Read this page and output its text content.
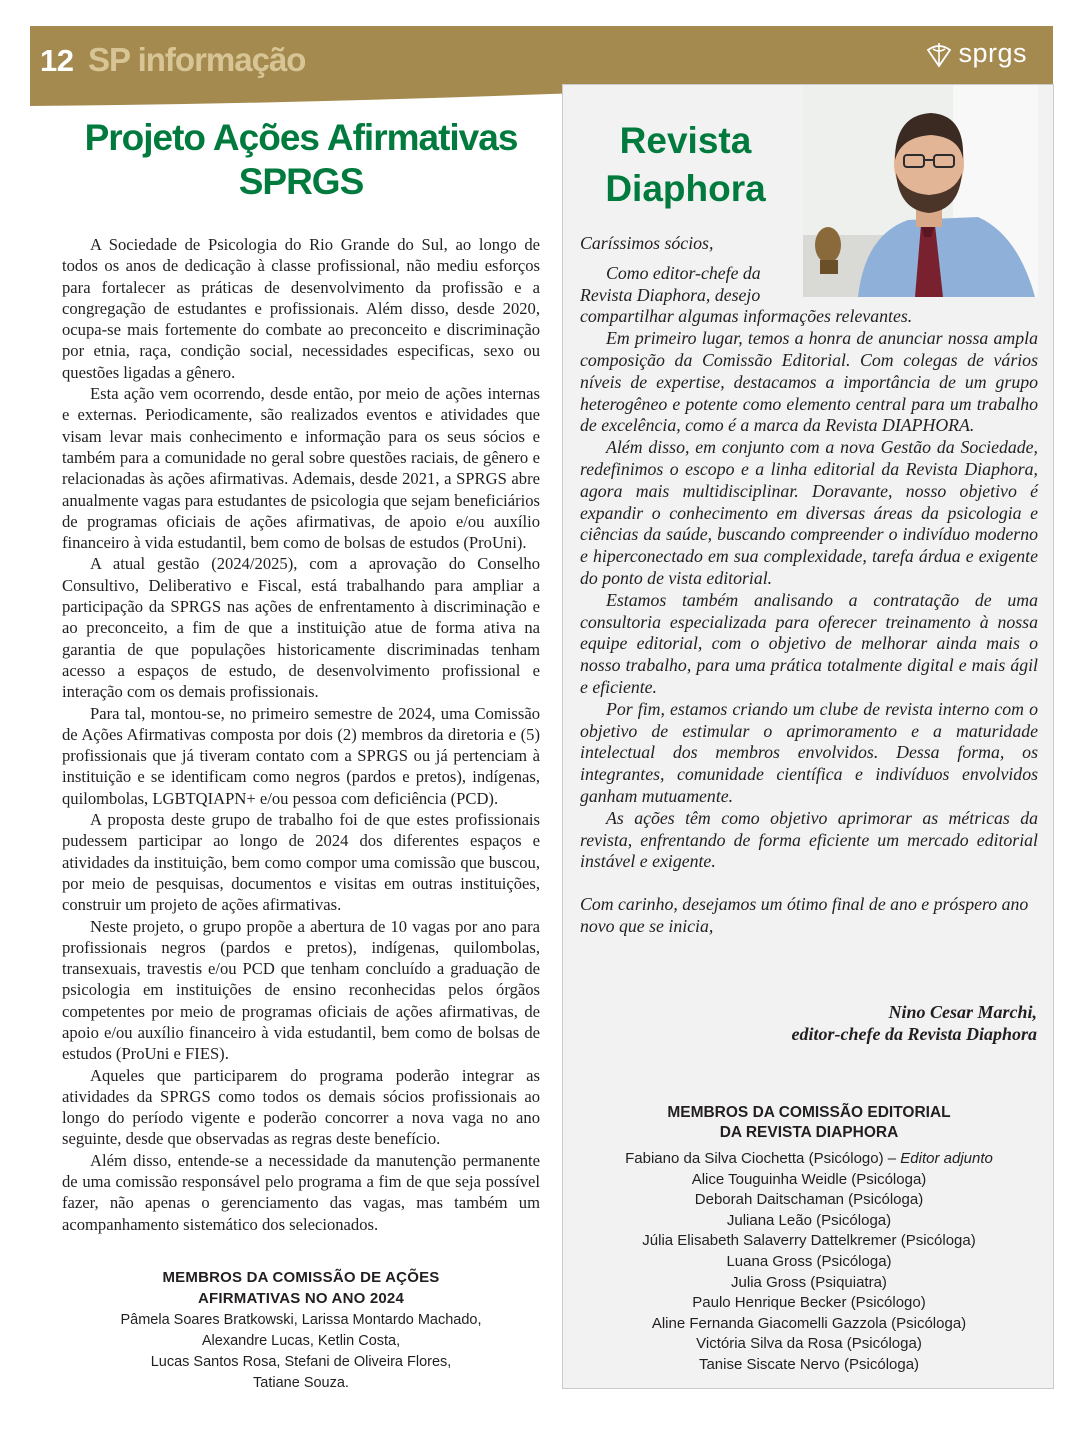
12 SP informação	sprgs
Projeto Ações Afirmativas SPRGS

A Sociedade de Psicologia do Rio Grande do Sul, ao longo de todos os anos de dedicação à classe profissional, não mediu esforços para fortalecer as práticas de desenvolvimento da profissão e a congregação de estudantes e profissionais. Além disso, desde 2020, ocupa-se mais fortemente do combate ao preconceito e discriminação por etnia, raça, condição social, necessidades especificas, sexo ou questões ligadas a gênero.

Esta ação vem ocorrendo, desde então, por meio de ações internas e externas. Periodicamente, são realizados eventos e atividades que visam levar mais conhecimento e informação para os seus sócios e também para a comunidade no geral sobre questões raciais, de gênero e relacionadas às ações afirmativas. Ademais, desde 2021, a SPRGS abre anualmente vagas para estudantes de psicologia que sejam beneficiários de programas oficiais de ações afirmativas, de apoio e/ou auxílio financeiro à vida estudantil, bem como de bolsas de estudos (ProUni).

A atual gestão (2024/2025), com a aprovação do Conselho Consultivo, Deliberativo e Fiscal, está trabalhando para ampliar a participação da SPRGS nas ações de enfrentamento à discriminação e ao preconceito, a fim de que a instituição atue de forma ativa na garantia de que populações historicamente discriminadas tenham acesso a espaços de estudo, de desenvolvimento profissional e interação com os demais profissionais.

Para tal, montou-se, no primeiro semestre de 2024, uma Comissão de Ações Afirmativas composta por dois (2) membros da diretoria e (5) profissionais que já tiveram contato com a SPRGS ou já pertenciam à instituição e se identificam como negros (pardos e pretos), indígenas, quilombolas, LGBTQIAPN+ e/ou pessoa com deficiência (PCD).

A proposta deste grupo de trabalho foi de que estes profissionais pudessem participar ao longo de 2024 dos diferentes espaços e atividades da instituição, bem como compor uma comissão que buscou, por meio de pesquisas, documentos e visitas em outras instituições, construir um projeto de ações afirmativas.

Neste projeto, o grupo propõe a abertura de 10 vagas por ano para profissionais negros (pardos e pretos), indígenas, quilombolas, transexuais, travestis e/ou PCD que tenham concluído a graduação de psicologia em instituições de ensino reconhecidas pelos órgãos competentes por meio de programas oficiais de ações afirmativas, de apoio e/ou auxílio financeiro à vida estudantil, bem como de bolsas de estudos (ProUni e FIES).

Aqueles que participarem do programa poderão integrar as atividades da SPRGS como todos os demais sócios profissionais ao longo do período vigente e poderão concorrer a nova vaga no ano seguinte, desde que observadas as regras deste benefício.

Além disso, entende-se a necessidade da manutenção permanente de uma comissão responsável pelo programa a fim de que seja possível fazer, não apenas o gerenciamento das vagas, mas também um acompanhamento sistemático dos selecionados.

MEMBROS DA COMISSÃO DE AÇÕES
AFIRMATIVAS NO ANO 2024
Pâmela Soares Bratkowski, Larissa Montardo Machado,
Alexandre Lucas, Ketlin Costa,
Lucas Santos Rosa, Stefani de Oliveira Flores,
Tatiane Souza.
Revista
Diaphora
Caríssimos sócios,
Como editor-chefe da
Revista Diaphora, desejo
compartilhar algumas informações relevantes.

Em primeiro lugar, temos a honra de anunciar nossa ampla composição da Comissão Editorial. Com colegas de vários níveis de expertise, destacamos a importância de um grupo heterogêneo e potente como elemento central para um trabalho de excelência, como é a marca da Revista DIAPHORA.

Além disso, em conjunto com a nova Gestão da Sociedade, redefinimos o escopo e a linha editorial da Revista Diaphora, agora mais multidisciplinar. Doravante, nosso objetivo é expandir o conhecimento em diversas áreas da psicologia e ciências da saúde, buscando compreender o indivíduo moderno e hiperconectado em sua complexidade, tarefa árdua e exigente do ponto de vista editorial.

Estamos também analisando a contratação de uma consultoria especializada para oferecer treinamento à nossa equipe editorial, com o objetivo de melhorar ainda mais o nosso trabalho, para uma prática totalmente digital e mais ágil e eficiente.

Por fim, estamos criando um clube de revista interno com o objetivo de estimular o aprimoramento e a maturidade intelectual dos membros envolvidos. Dessa forma, os integrantes, comunidade científica e indivíduos envolvidos ganham mutuamente.

As ações têm como objetivo aprimorar as métricas da revista, enfrentando de forma eficiente um mercado editorial instável e exigente.

Com carinho, desejamos um ótimo final de ano e próspero ano novo que se inicia,

Nino Cesar Marchi,
editor-chefe da Revista Diaphora
MEMBROS DA COMISSÃO EDITORIAL
DA REVISTA DIAPHORA
Fabiano da Silva Ciochetta (Psicólogo) – Editor adjunto
Alice Touguinha Weidle (Psicóloga)
Deborah Daitschaman (Psicóloga)
Juliana Leão (Psicóloga)
Júlia Elisabeth Salaverry Dattelkremer (Psicóloga)
Luana Gross (Psicóloga)
Julia Gross (Psiquiatra)
Paulo Henrique Becker (Psicólogo)
Aline Fernanda Giacomelli Gazzola (Psicóloga)
Victória Silva da Rosa (Psicóloga)
Tanise Siscate Nervo (Psicóloga)
